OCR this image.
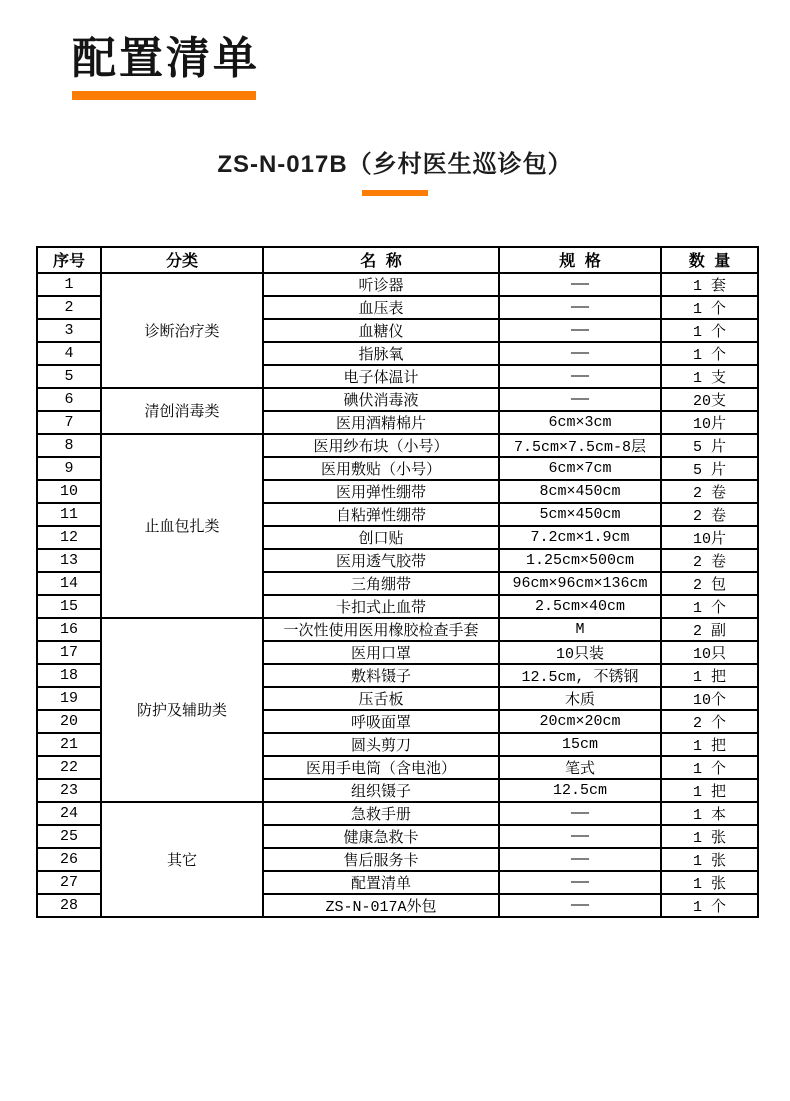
配置清单
ZS-N-017B（乡村医生巡诊包）
序号	分类	名 称	规 格	数 量
1	诊断治疗类	听诊器	——	1 套
2		血压表	——	1 个
3		血糖仪	——	1 个
4		指脉氧	——	1 个
5		电子体温计	——	1 支
6	清创消毒类	碘伏消毒液	——	20支
7		医用酒精棉片	6cm×3cm	10片
8	止血包扎类	医用纱布块（小号）	7.5cm×7.5cm-8层	5 片
9		医用敷贴（小号）	6cm×7cm	5 片
10		医用弹性绷带	8cm×450cm	2 卷
11		自粘弹性绷带	5cm×450cm	2 卷
12		创口贴	7.2cm×1.9cm	10片
13		医用透气胶带	1.25cm×500cm	2 卷
14		三角绷带	96cm×96cm×136cm	2 包
15		卡扣式止血带	2.5cm×40cm	1 个
16	防护及辅助类	一次性使用医用橡胶检查手套	M	2 副
17		医用口罩	10只装	10只
18		敷料镊子	12.5cm, 不锈钢	1 把
19		压舌板	木质	10个
20		呼吸面罩	20cm×20cm	2 个
21		圆头剪刀	15cm	1 把
22		医用手电筒（含电池）	笔式	1 个
23		组织镊子	12.5cm	1 把
24	其它	急救手册	——	1 本
25		健康急救卡	——	1 张
26		售后服务卡	——	1 张
27		配置清单	——	1 张
28		ZS-N-017A外包	——	1 个
